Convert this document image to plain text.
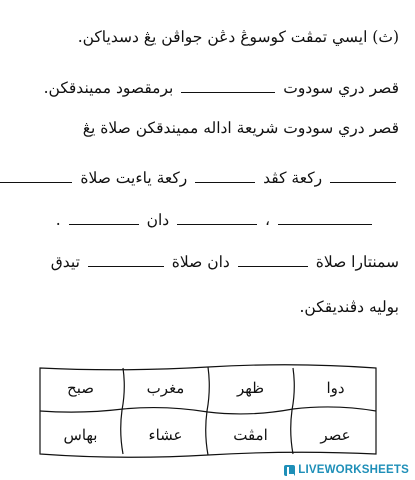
(ث) ايسي تمڤت كوسوڠ دڠن جواڤن يڠ دسدياكن.
قصر دري سودوت  برمقصود مميندقكن.
قصر دري سودوت شريعة اداله مميندقكن صلاة يڠ
ركعة كڤد  ركعة ياءيت صلاة
،  دان  .
سمنتارا صلاة  دان صلاة  تيدق
بوليه دڤنديقكن.
دوا
ظهر
مغرب
صبح
عصر
امڤت
عشاء
بهاس
LIVEWORKSHEETS
